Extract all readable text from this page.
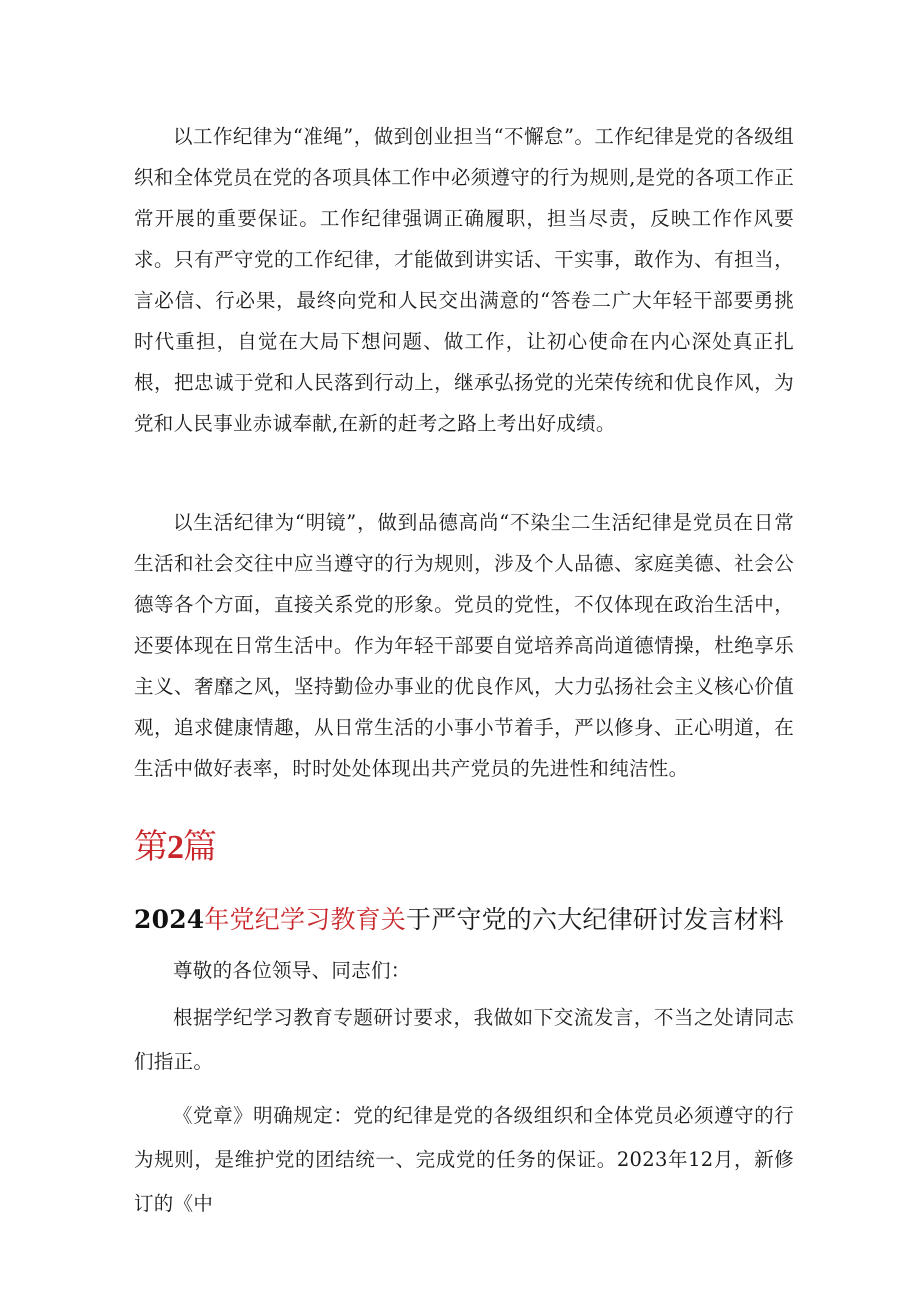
以工作纪律为“准绳”，做到创业担当“不懈怠”。工作纪律是党的各级组织和全体党员在党的各项具体工作中必须遵守的行为规则,是党的各项工作正常开展的重要保证。工作纪律强调正确履职，担当尽责，反映工作作风要求。只有严守党的工作纪律，才能做到讲实话、干实事，敢作为、有担当，言必信、行必果，最终向党和人民交出满意的“答卷二广大年轻干部要勇挑时代重担，自觉在大局下想问题、做工作，让初心使命在内心深处真正扎根，把忠诚于党和人民落到行动上，继承弘扬党的光荣传统和优良作风，为党和人民事业赤诚奉献,在新的赶考之路上考出好成绩。

以生活纪律为“明镜”，做到品德高尚“不染尘二生活纪律是党员在日常生活和社会交往中应当遵守的行为规则，涉及个人品德、家庭美德、社会公德等各个方面，直接关系党的形象。党员的党性，不仅体现在政治生活中，还要体现在日常生活中。作为年轻干部要自觉培养高尚道德情操，杜绝享乐主义、奢靡之风，坚持勤俭办事业的优良作风，大力弘扬社会主义核心价值观，追求健康情趣，从日常生活的小事小节着手，严以修身、正心明道，在生活中做好表率，时时处处体现出共产党员的先进性和纯洁性。

第2篇
2024年党纪学习教育关于严守党的六大纪律研讨发言材料

尊敬的各位领导、同志们：

根据学纪学习教育专题研讨要求，我做如下交流发言，不当之处请同志们指正。

《党章》明确规定：党的纪律是党的各级组织和全体党员必须遵守的行为规则，是维护党的团结统一、完成党的任务的保证。2023年12月，新修订的《中
